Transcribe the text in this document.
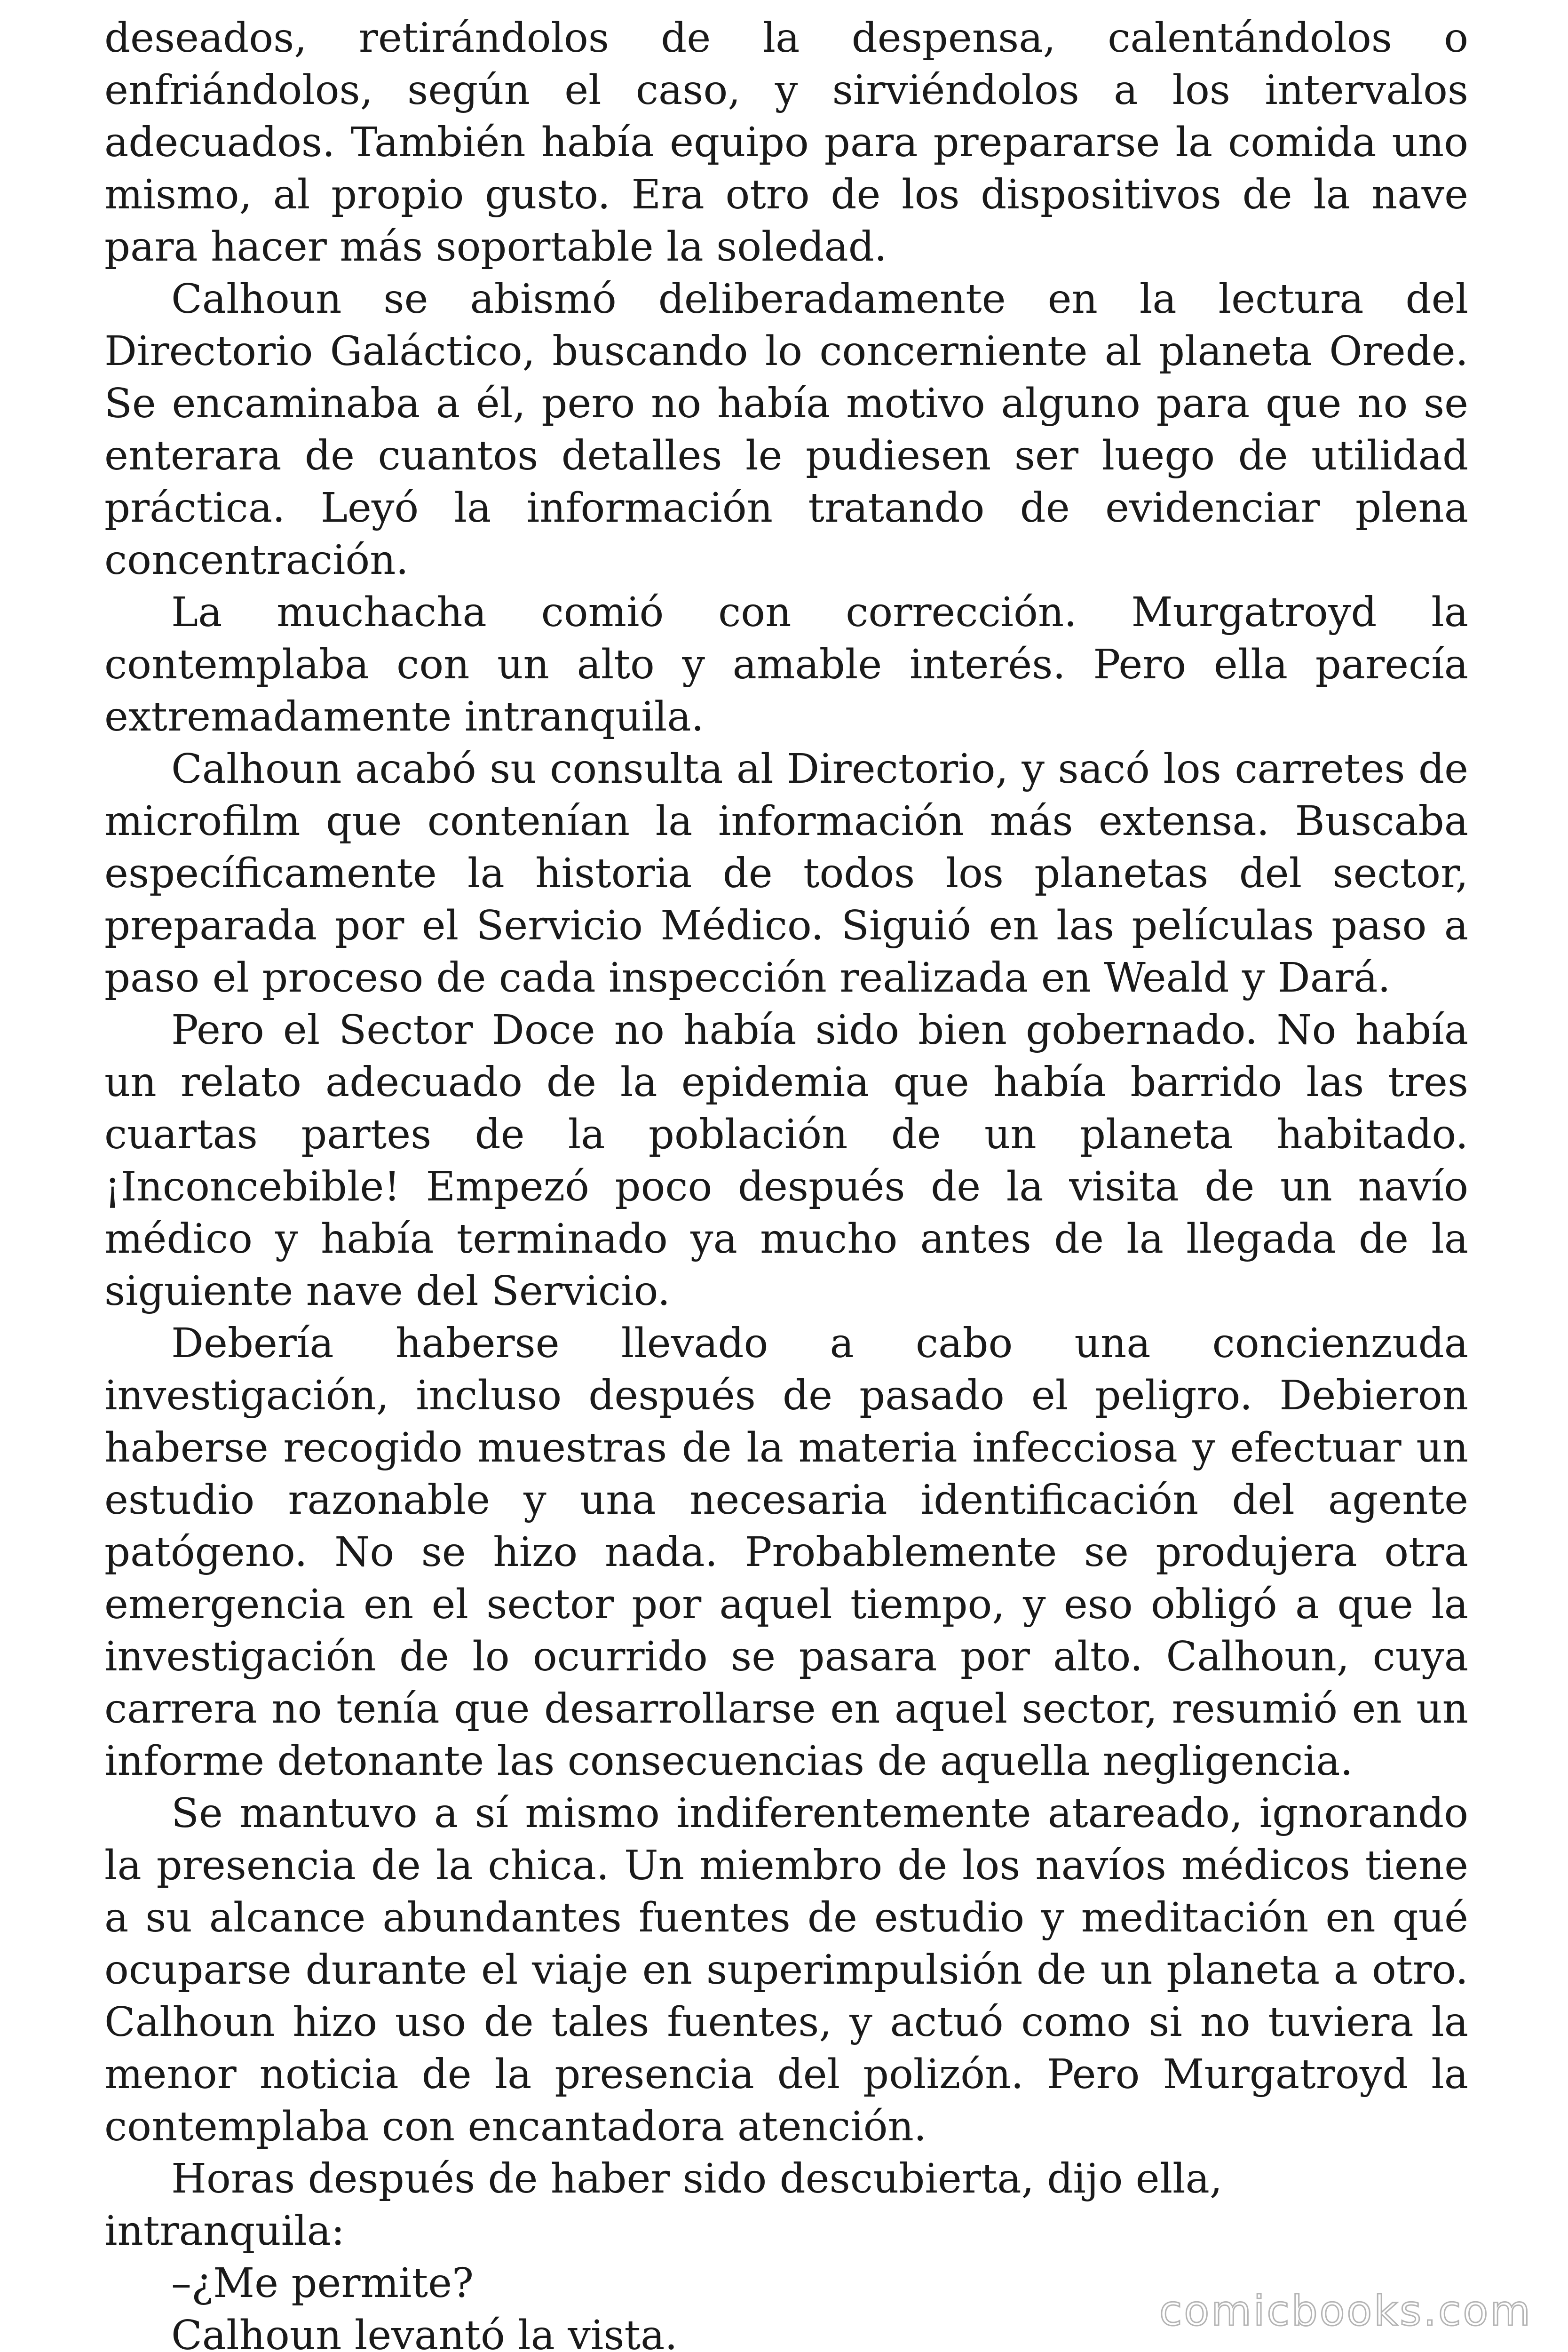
deseados, retirándolos de la despensa, calentándolos o enfriándolos, según el caso, y sirviéndolos a los intervalos adecuados. También había equipo para prepararse la comida uno mismo, al propio gusto. Era otro de los dispositivos de la nave para hacer más soportable la soledad.

Calhoun se abismó deliberadamente en la lectura del Directorio Galáctico, buscando lo concerniente al planeta Orede. Se encaminaba a él, pero no había motivo alguno para que no se enterara de cuantos detalles le pudiesen ser luego de utilidad práctica. Leyó la información tratando de evidenciar plena concentración.

La muchacha comió con corrección. Murgatroyd la contemplaba con un alto y amable interés. Pero ella parecía extremadamente intranquila.

Calhoun acabó su consulta al Directorio, y sacó los carretes de microfilm que contenían la información más extensa. Buscaba específicamente la historia de todos los planetas del sector, preparada por el Servicio Médico. Siguió en las películas paso a paso el proceso de cada inspección realizada en Weald y Dará.

Pero el Sector Doce no había sido bien gobernado. No había un relato adecuado de la epidemia que había barrido las tres cuartas partes de la población de un planeta habitado. ¡Inconcebible! Empezó poco después de la visita de un navío médico y había terminado ya mucho antes de la llegada de la siguiente nave del Servicio.

Debería haberse llevado a cabo una concienzuda investigación, incluso después de pasado el peligro. Debieron haberse recogido muestras de la materia infecciosa y efectuar un estudio razonable y una necesaria identificación del agente patógeno. No se hizo nada. Probablemente se produjera otra emergencia en el sector por aquel tiempo, y eso obligó a que la investigación de lo ocurrido se pasara por alto. Calhoun, cuya carrera no tenía que desarrollarse en aquel sector, resumió en un informe detonante las consecuencias de aquella negligencia.

Se mantuvo a sí mismo indiferentemente atareado, ignorando la presencia de la chica. Un miembro de los navíos médicos tiene a su alcance abundantes fuentes de estudio y meditación en qué ocuparse durante el viaje en superimpulsión de un planeta a otro. Calhoun hizo uso de tales fuentes, y actuó como si no tuviera la menor noticia de la presencia del polizón. Pero Murgatroyd la contemplaba con encantadora atención.

Horas después de haber sido descubierta, dijo ella, intranquila:

–¿Me permite?

Calhoun levantó la vista.

comicbooks.com
